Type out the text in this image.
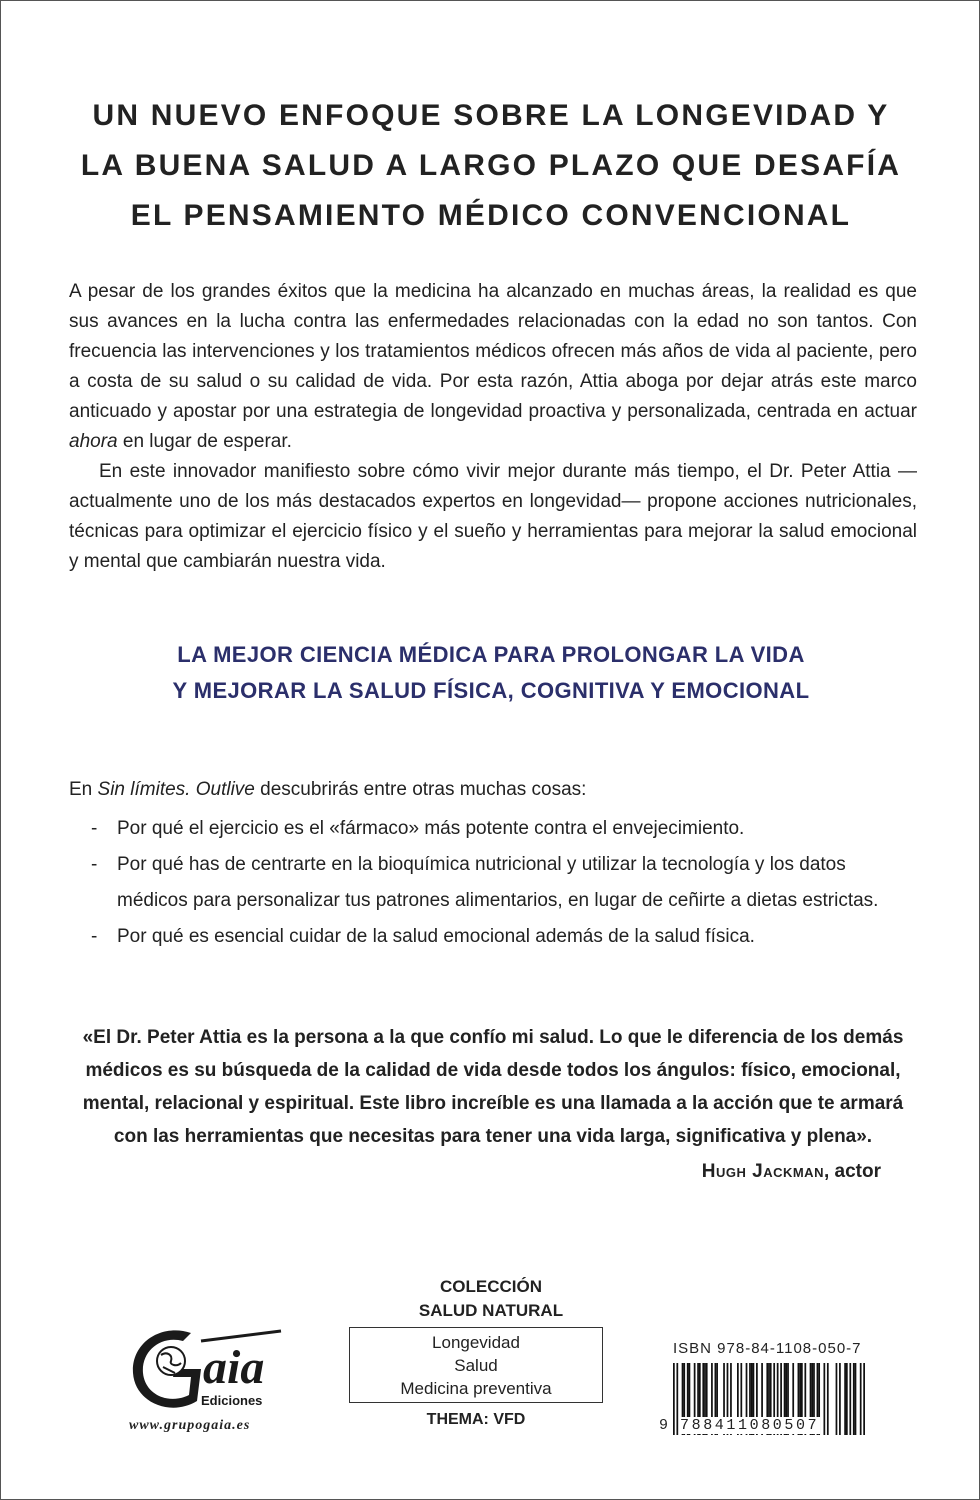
UN NUEVO ENFOQUE SOBRE LA LONGEVIDAD Y
LA BUENA SALUD A LARGO PLAZO QUE DESAFÍA
EL PENSAMIENTO MÉDICO CONVENCIONAL

A pesar de los grandes éxitos que la medicina ha alcanzado en muchas áreas, la realidad es que sus avances en la lucha contra las enfermedades relacionadas con la edad no son tantos. Con frecuencia las intervenciones y los tratamientos médicos ofrecen más años de vida al paciente, pero a costa de su salud o su calidad de vida. Por esta razón, Attia aboga por dejar atrás este marco anticuado y apostar por una estrategia de longevidad proactiva y personalizada, centrada en actuar ahora en lugar de esperar.

En este innovador manifiesto sobre cómo vivir mejor durante más tiempo, el Dr. Peter Attia —actualmente uno de los más destacados expertos en longevidad— propone acciones nutricionales, técnicas para optimizar el ejercicio físico y el sueño y herramientas para mejorar la salud emocional y mental que cambiarán nuestra vida.

LA MEJOR CIENCIA MÉDICA PARA PROLONGAR LA VIDA
Y MEJORAR LA SALUD FÍSICA, COGNITIVA Y EMOCIONAL
En Sin límites. Outlive descubrirás entre otras muchas cosas:
- Por qué el ejercicio es el «fármaco» más potente contra el envejecimiento.
- Por qué has de centrarte en la bioquímica nutricional y utilizar la tecnología y los datos médicos para personalizar tus patrones alimentarios, en lugar de ceñirte a dietas estrictas.
- Por qué es esencial cuidar de la salud emocional además de la salud física.
«El Dr. Peter Attia es la persona a la que confío mi salud. Lo que le diferencia de los demás
médicos es su búsqueda de la calidad de vida desde todos los ángulos: físico, emocional,
mental, relacional y espiritual. Este libro increíble es una llamada a la acción que te armará
con las herramientas que necesitas para tener una vida larga, significativa y plena».
Hugh Jackman, actor
COLECCIÓN
SALUD NATURAL
Longevidad
Salud
Medicina preventiva
THEMA: VFD
aia
Ediciones
www.grupogaia.es
ISBN 978-84-1108-050-7
9 788411080507
